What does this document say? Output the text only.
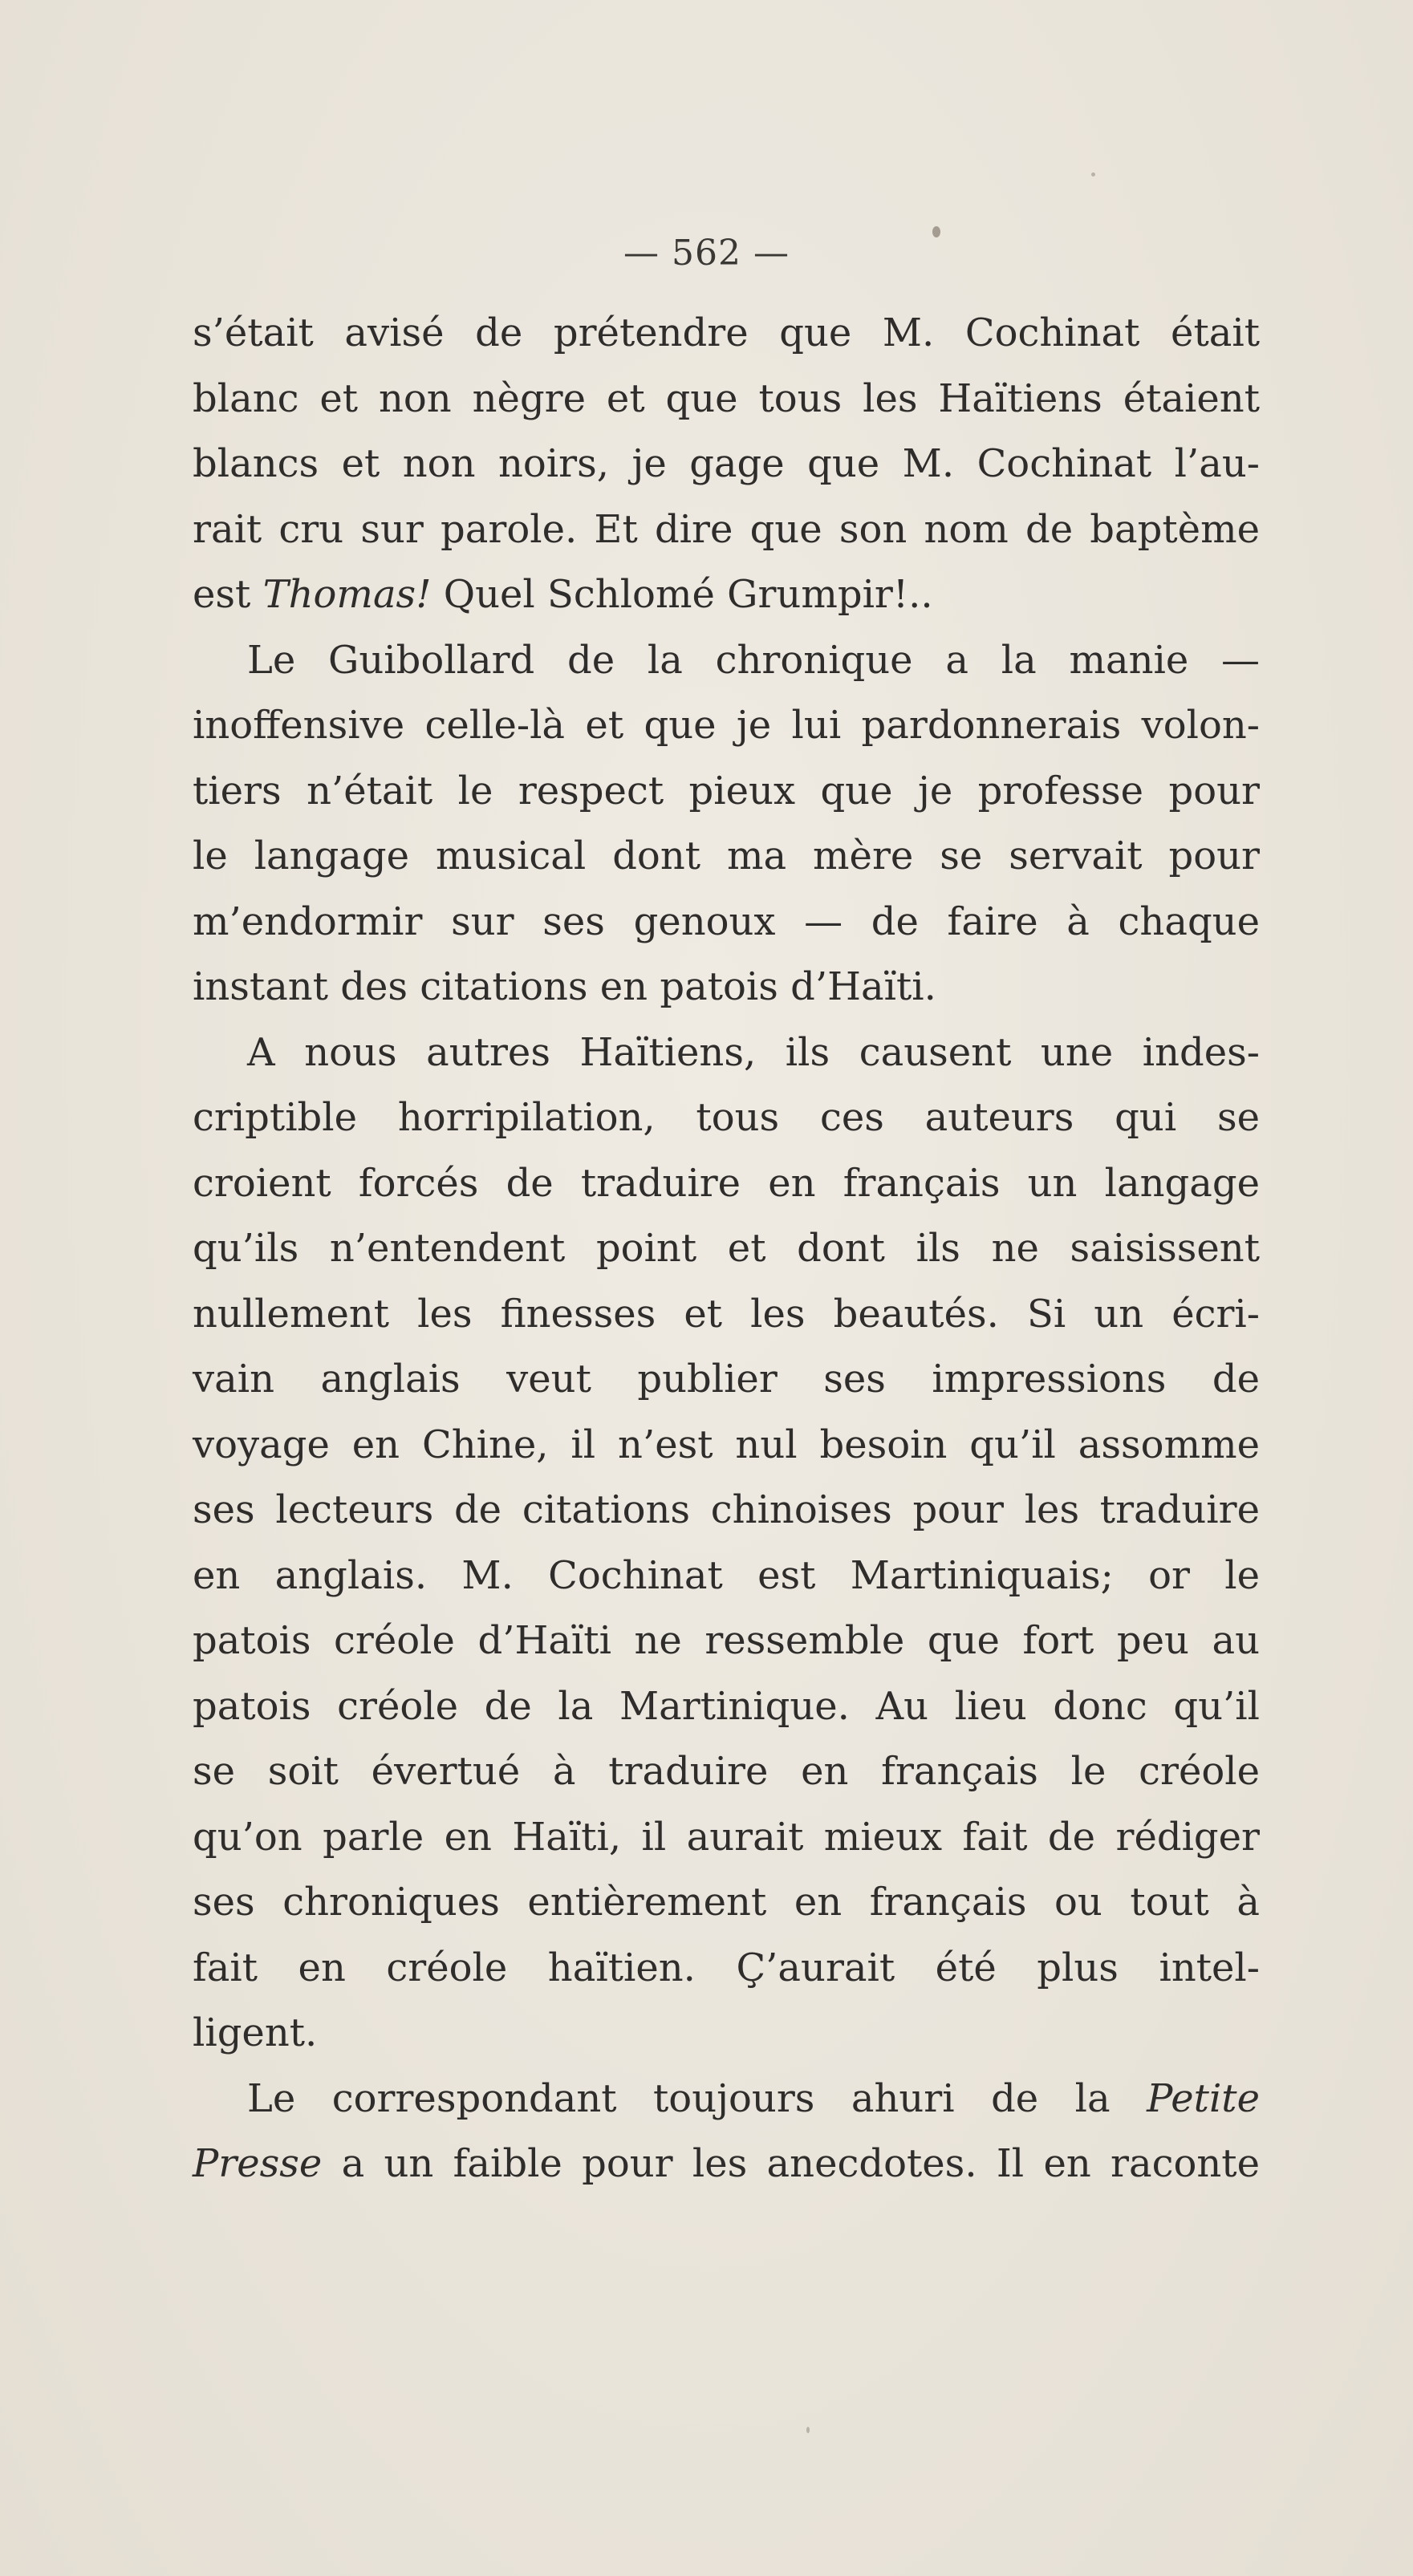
— 562 —
s’était avisé de prétendre que M. Cochinat était
blanc et non nègre et que tous les Haïtiens étaient
blancs et non noirs, je gage que M. Cochinat l’au-
rait cru sur parole. Et dire que son nom de baptème
est Thomas! Quel Schlomé Grumpir!..
Le Guibollard de la chronique a la manie —
inoffensive celle-là et que je lui pardonnerais volon-
tiers n’était le respect pieux que je professe pour
le langage musical dont ma mère se servait pour
m’endormir sur ses genoux — de faire à chaque
instant des citations en patois d’Haïti.
A nous autres Haïtiens, ils causent une indes-
criptible horripilation, tous ces auteurs qui se
croient forcés de traduire en français un langage
qu’ils n’entendent point et dont ils ne saisissent
nullement les finesses et les beautés. Si un écri-
vain anglais veut publier ses impressions de
voyage en Chine, il n’est nul besoin qu’il assomme
ses lecteurs de citations chinoises pour les traduire
en anglais. M. Cochinat est Martiniquais; or le
patois créole d’Haïti ne ressemble que fort peu au
patois créole de la Martinique. Au lieu donc qu’il
se soit évertué à traduire en français le créole
qu’on parle en Haïti, il aurait mieux fait de rédiger
ses chroniques entièrement en français ou tout à
fait en créole haïtien. Ç’aurait été plus intel-
ligent.
Le correspondant toujours ahuri de la Petite
Presse a un faible pour les anecdotes. Il en raconte
